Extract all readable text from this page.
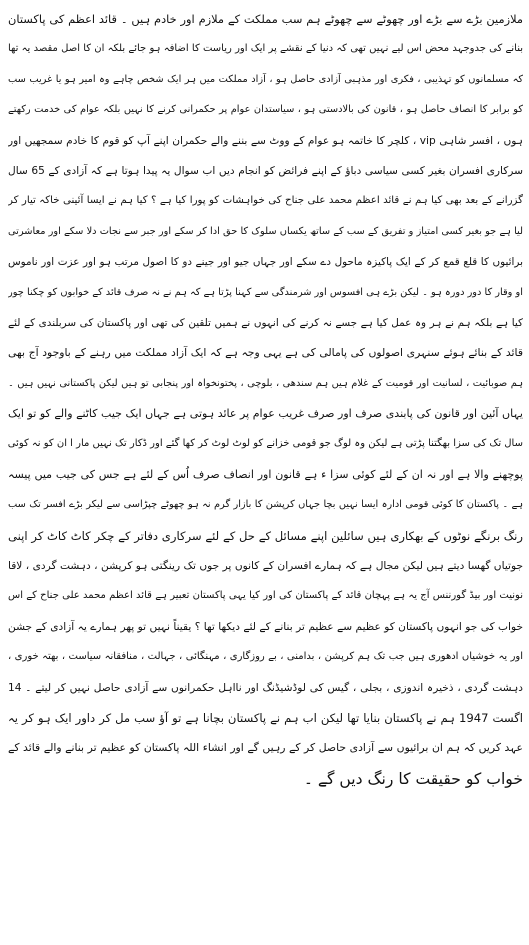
ملازمین بڑے سے بڑے اور چھوٹے سے چھوٹے ہم سب مملکت کے ملازم اور خادم ہیں ۔ قائد اعظم کی پاکستان
بنانے کی جدوجہد محض اس لیے نہیں تھی کہ دنیا کے نقشے پر ایک اور ریاست کا اضافہ ہو جائے بلکہ ان کا اصل مقصد یہ تھا
کہ مسلمانوں کو تہذیبی ، فکری اور مذہبی آزادی حاصل ہو ، آزاد مملکت میں ہر ایک شخص چاہے وہ امیر ہو یا غریب سب
کو برابر کا انصاف حاصل ہو ، قانون کی بالادستی ہو ، سیاستدان عوام پر حکمرانی کرنے کا نہیں بلکہ عوام کی خدمت رکھتے
ہوں ، افسر شاہی vip ، کلچر کا خاتمہ ہو عوام کے ووٹ سے بننے والے حکمران اپنے آپ کو قوم کا خادم سمجھیں اور
سرکاری افسران بغیر کسی سیاسی دباؤ کے اپنے فرائض کو انجام دیں اب سوال یہ پیدا ہوتا ہے کہ آزادی کے 65 سال
گزرانے کے بعد بھی کیا ہم نے قائد اعظم محمد علی جناح کی خواہشات کو پورا کیا ہے ؟ کیا ہم نے ایسا آئینی خاکہ تیار کر
لیا ہے جو بغیر کسی امتیاز و تفریق کے سب کے ساتھ یکساں سلوک کا حق ادا کر سکے اور جبر سے نجات دلا سکے اور معاشرتی
برائیوں کا قلع قمع کر کے ایک پاکیزہ ماحول دے سکے اور جہاں جیو اور جینے دو کا اصول مرتب ہو اور عزت اور ناموس
او وقار کا دور دورہ ہو ۔ لیکن بڑے ہی افسوس اور شرمندگی سے کہنا پڑتا ہے کہ ہم نے نہ صرف قائد کے خوابوں کو چکنا چور
کیا ہے بلکہ ہم نے ہر وہ عمل کیا ہے جسے نہ کرنے کی انہوں نے ہمیں تلقین کی تھی اور پاکستان کی سربلندی کے لئے
قائد کے بنائے ہوئے سنہری اصولوں کی پامالی کی ہے یہی وجہ ہے کہ ایک آزاد مملکت میں رہنے کے باوجود آج بھی
ہم صوبائیت ، لسانیت اور قومیت کے غلام ہیں ہم سندھی ، بلوچی ، پختونخواہ اور پنجابی تو ہیں لیکن پاکستانی نہیں ہیں ۔
یہاں آئین اور قانون کی پابندی صرف اور صرف غریب عوام پر عائد ہوتی ہے جہاں ایک جیب کاٹنے والے کو تو ایک
سال تک کی سزا بھگتنا پڑتی ہے لیکن وہ لوگ جو قومی خزانے کو لوٹ لوٹ کر کھا گئے اور ڈکار تک نہیں مار ا ان کو نہ کوئی
پوچھنے والا ہے اور نہ ان کے لئے کوئی سزا ء ہے قانون اور انصاف صرف اُس کے لئے ہے جس کی جیب میں پیسہ
ہے ۔ پاکستان کا کوئی قومی ادارہ ایسا نہیں بچا جہاں کرپشن کا بازار گرم نہ ہو چھوٹے چپڑاسی سے لیکر بڑے افسر تک سب
رنگ برنگے نوٹوں کے بھکاری ہیں سائلین اپنے مسائل کے حل کے لئے سرکاری دفاتر کے چکر کاٹ کاٹ کر اپنی
جوتیاں گھسا دیتے ہیں لیکن مجال ہے کہ ہمارے افسران کے کانوں پر جوں تک رینگتی ہو کرپشن ، دہشت گردی ، لاقا
نونیت اور بیڈ گورننس آج یہ ہے پہچان قائد کے پاکستان کی اور کیا یہی پاکستان تعبیر ہے قائد اعظم محمد علی جناح کے اس
خواب کی جو انہوں پاکستان کو عظیم سے عظیم تر بنانے کے لئے دیکھا تھا ؟ یقیناً نہیں تو پھر ہمارے یہ آزادی کے جشن
اور یہ خوشیاں ادھوری ہیں جب تک ہم کرپشن ، بدامنی ، بے روزگاری ، مہنگائی ، جہالت ، منافقانہ سیاست ، بھتہ خوری ،
دہشت گردی ، ذخیرہ اندوزی ، بجلی ، گیس کی لوڈشیڈنگ اور نااہل حکمرانوں سے آزادی حاصل نہیں کر لیتے ۔ 14
اگست 1947 ہم نے پاکستان بنایا تھا لیکن اب ہم نے پاکستان بچانا ہے تو آؤ سب مل کر داور ایک ہو کر یہ
عہد کریں کہ ہم ان برائیوں سے آزادی حاصل کر کے رہیں گے اور انشاء اللہ پاکستان کو عظیم تر بنانے والے قائد کے
خواب کو حقیقت کا رنگ دیں گے ۔
